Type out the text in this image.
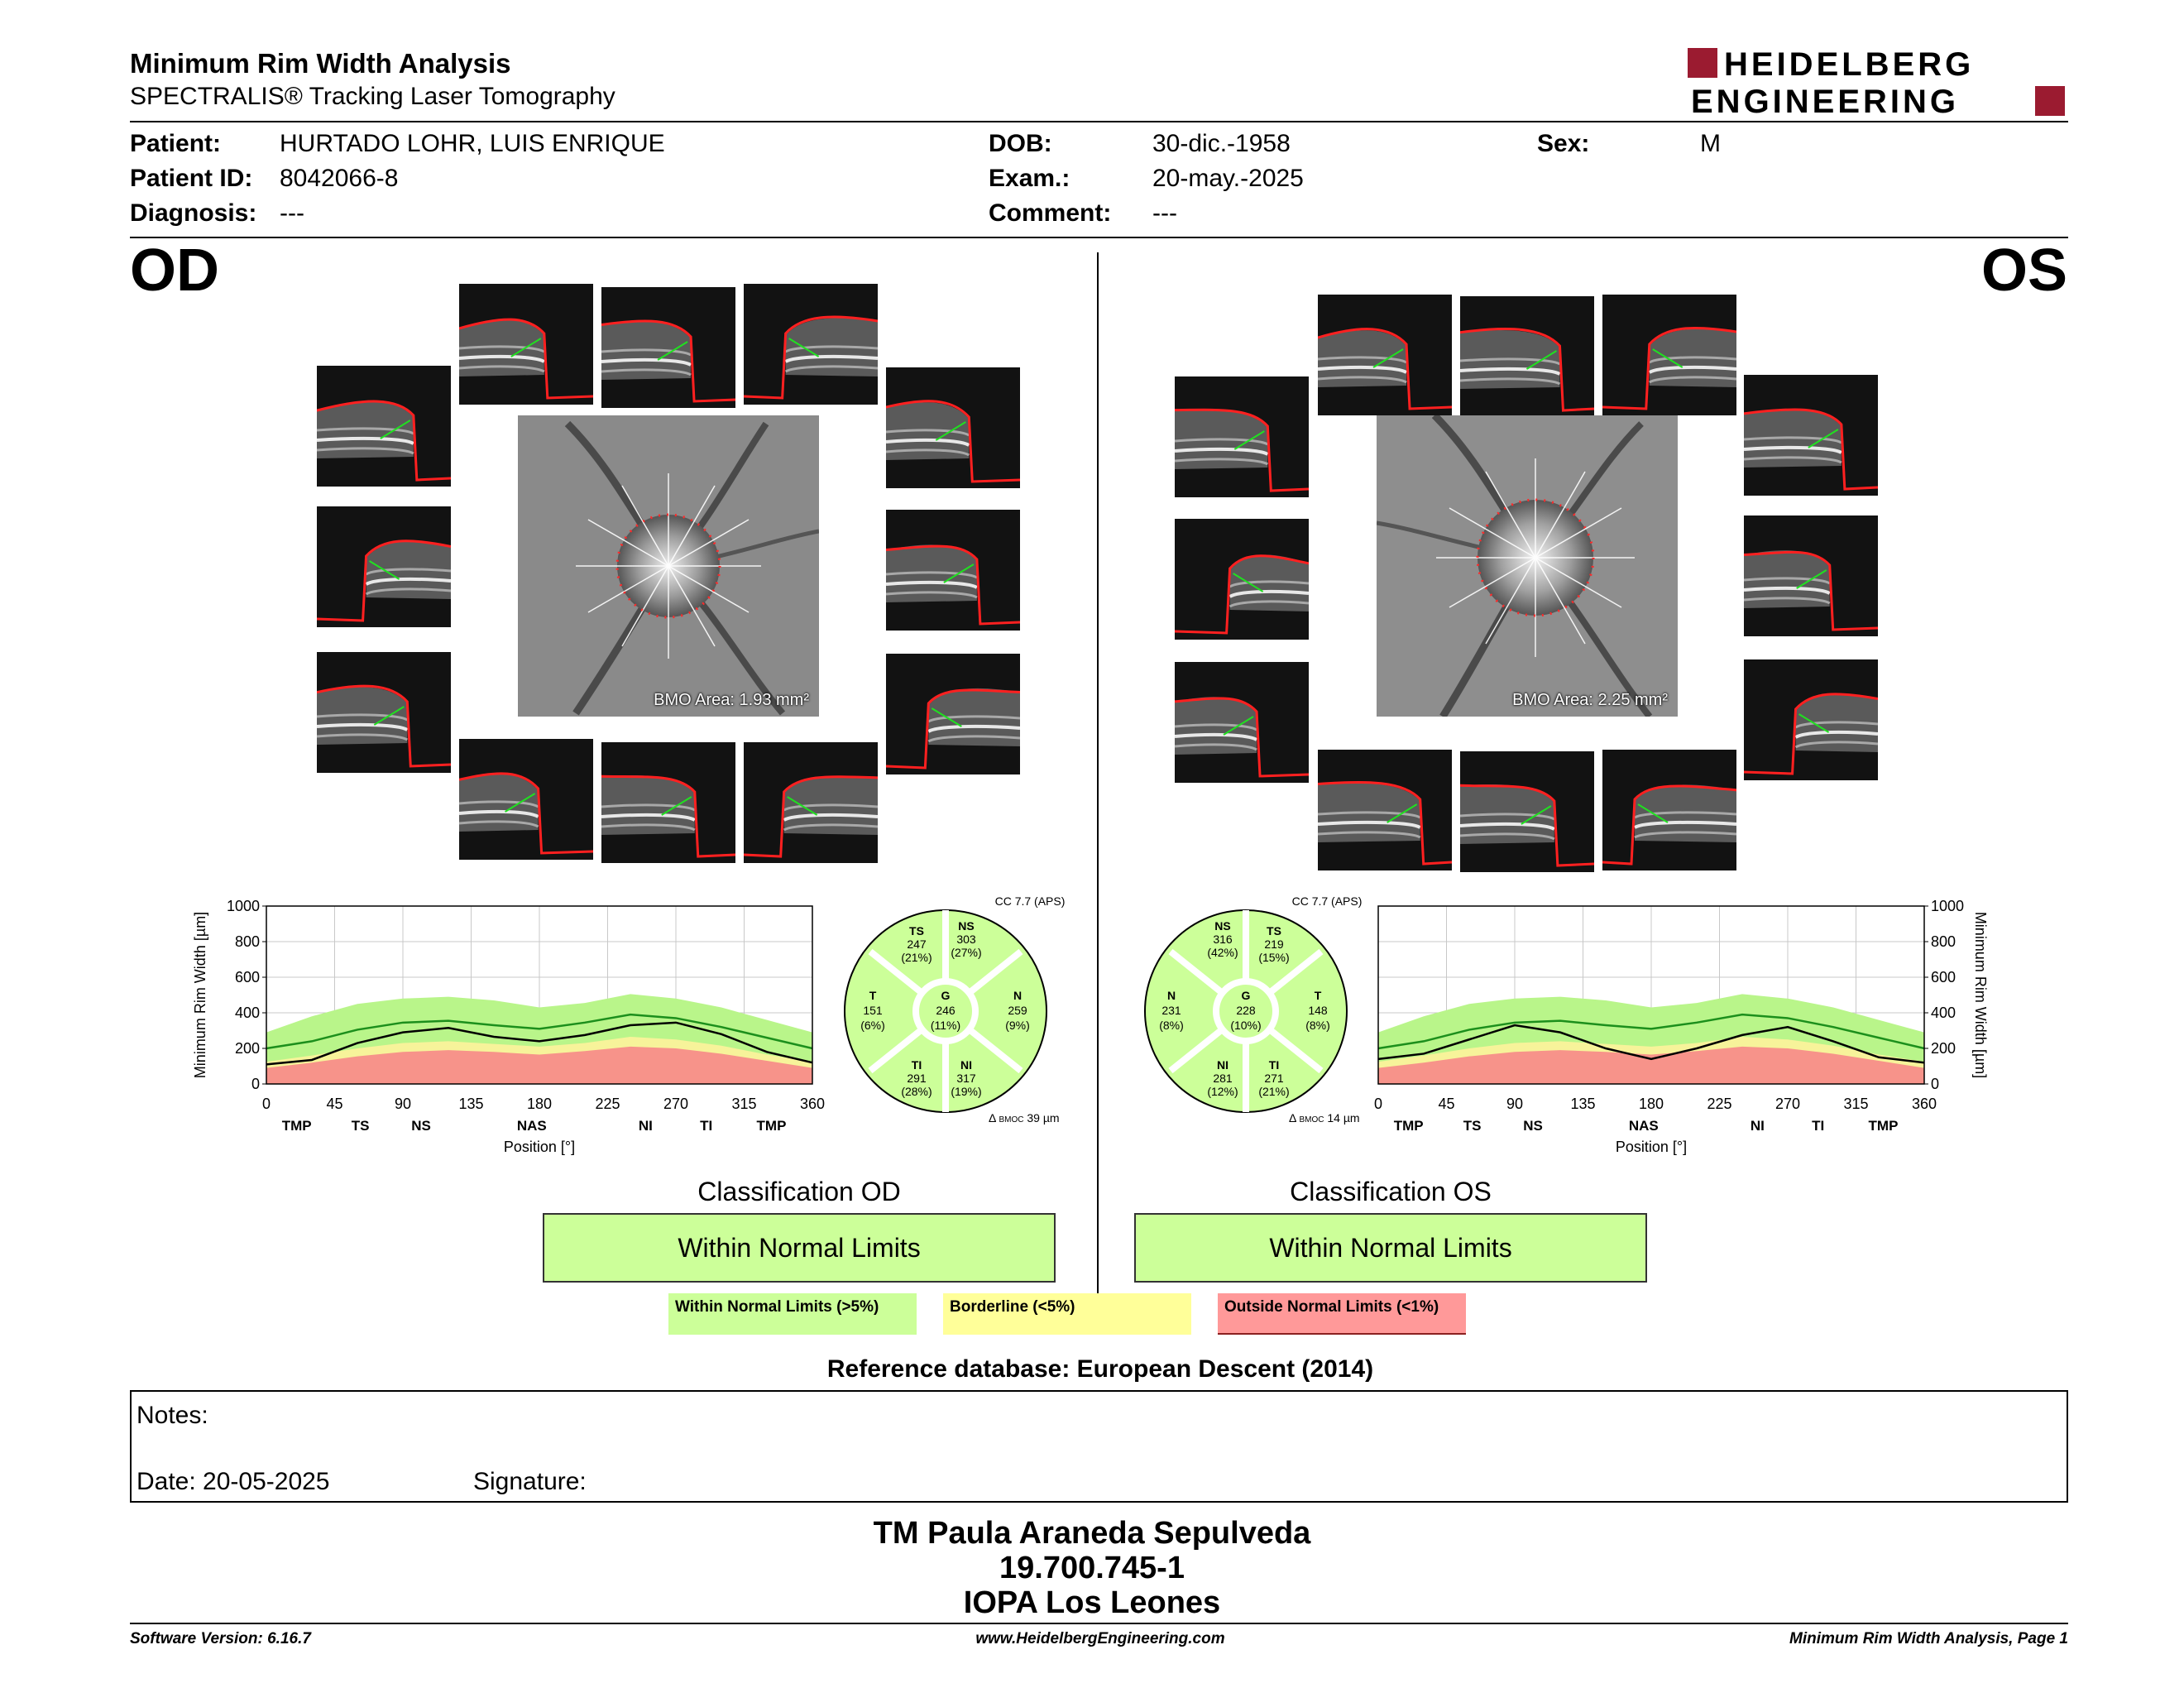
Minimum Rim Width Analysis
SPECTRALIS® Tracking Laser Tomography
HEIDELBERG
ENGINEERING
Patient: HURTADO LOHR, LUIS ENRIQUE
Patient ID: 8042066-8
Diagnosis: ---
DOB:	30-dic.-1958
Exam.:	20-may.-2025
Comment: ---
Sex:	M
OD	OS
BMO Area: 1.93 mm²	BMO Area: 2.25 mm²
0	45	90	135	180	225	270	315	360
TMP	TS	NS	NAS	NI	TI	TMP
Position [°]
0
200
400
600
800
1000
Minimum Rim Width [µm]
0	45	90	135	180	225	270	315	360
TMP	TS	NS	NAS	NI	TI	TMP
Position [°]
0
200
400
600
800
1000
Minimum Rim Width [µm]
CC 7.7 (APS)
TS
247
(21%)
NS
303
(27%)
T
151
(6%)
G
246
(11%)
N
259
(9%)
TI
291
(28%)
NI
317
(19%)
Δ BMOC 39 µm
CC 7.7 (APS)
NS
316
(42%)
TS
219
(15%)
N
231
(8%)
G
228
(10%)
T
148
(8%)
NI
281
(12%)
TI
271
(21%)
Δ BMOC 14 µm
Classification OD
Within Normal Limits
Classification OS
Within Normal Limits
Within Normal Limits (>5%)	Borderline (<5%)	Outside Normal Limits (<1%)
Reference database: European Descent (2014)
Notes:
Date: 20-05-2025	Signature:
TM Paula Araneda Sepulveda
19.700.745-1
IOPA Los Leones
Software Version: 6.16.7	www.HeidelbergEngineering.com	Minimum Rim Width Analysis, Page 1
